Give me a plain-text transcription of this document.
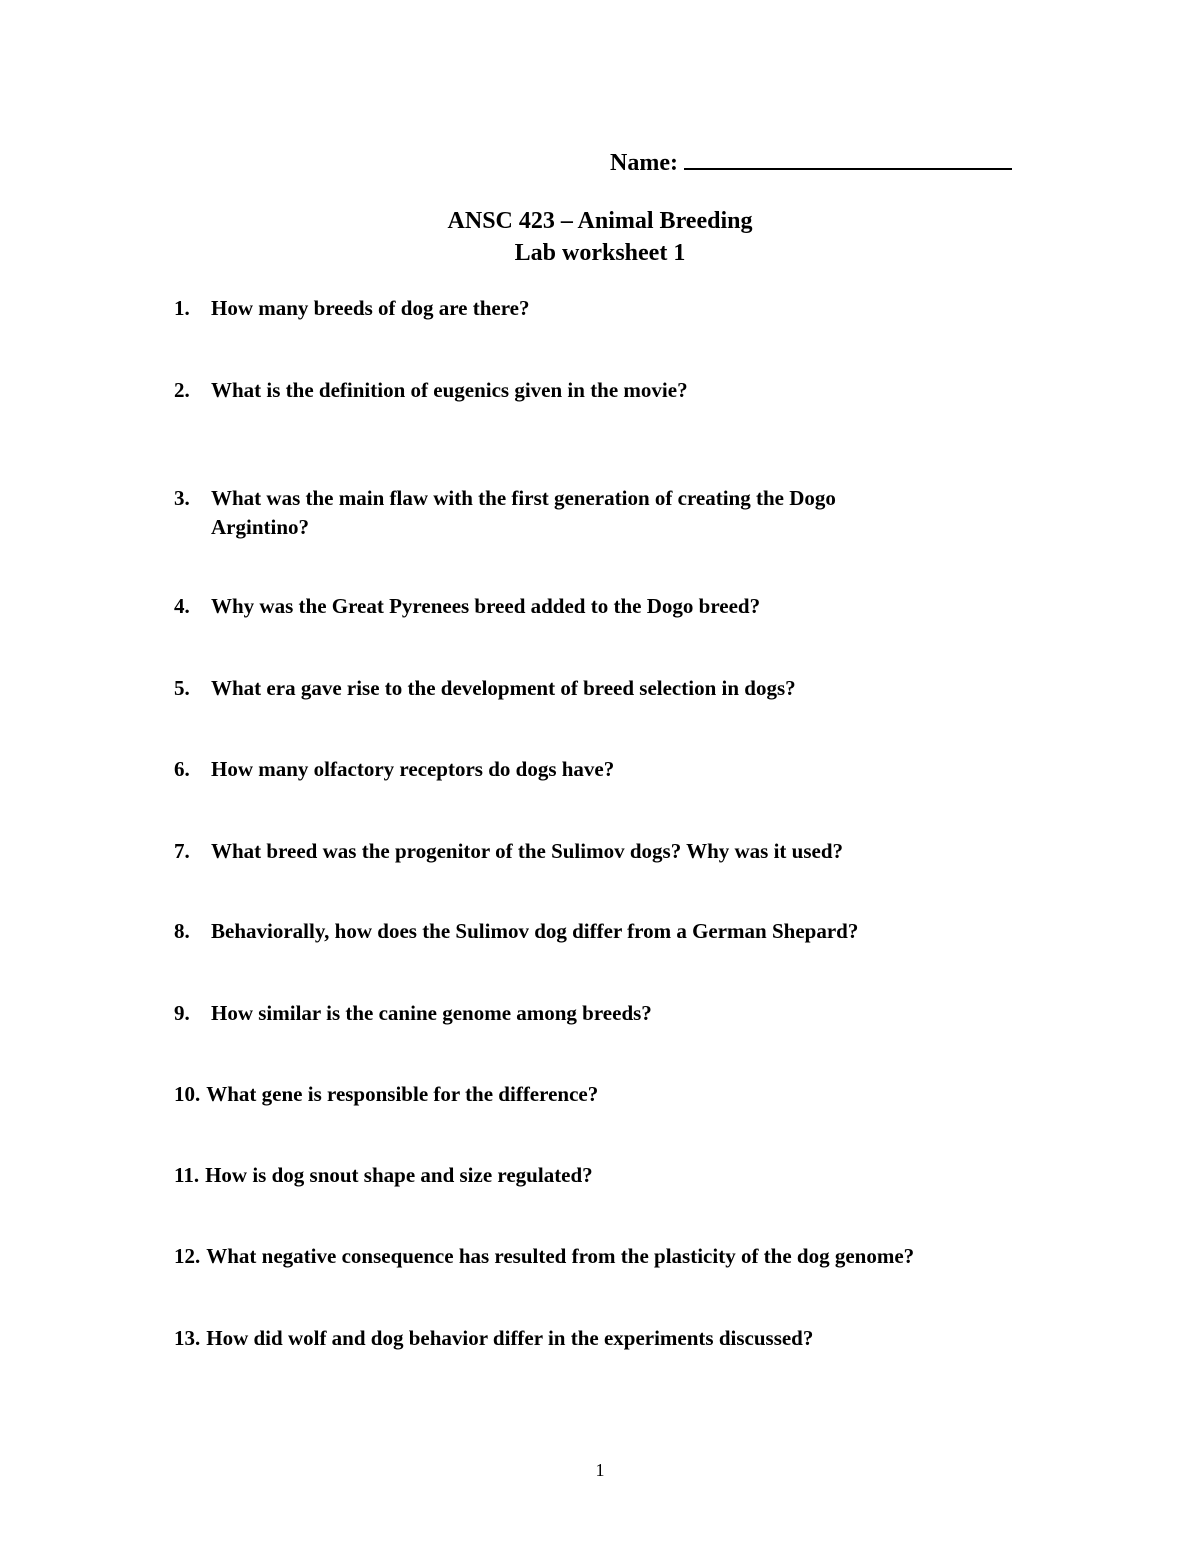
Name:
ANSC 423 – Animal Breeding
Lab worksheet 1
1. How many breeds of dog are there?
2. What is the definition of eugenics given in the movie?
3. What was the main flaw with the first generation of creating the Dogo Argintino?
4. Why was the Great Pyrenees breed added to the Dogo breed?
5. What era gave rise to the development of breed selection in dogs?
6. How many olfactory receptors do dogs have?
7. What breed was the progenitor of the Sulimov dogs? Why was it used?
8. Behaviorally, how does the Sulimov dog differ from a German Shepard?
9. How similar is the canine genome among breeds?
10. What gene is responsible for the difference?
11. How is dog snout shape and size regulated?
12. What negative consequence has resulted from the plasticity of the dog genome?
13. How did wolf and dog behavior differ in the experiments discussed?
1
